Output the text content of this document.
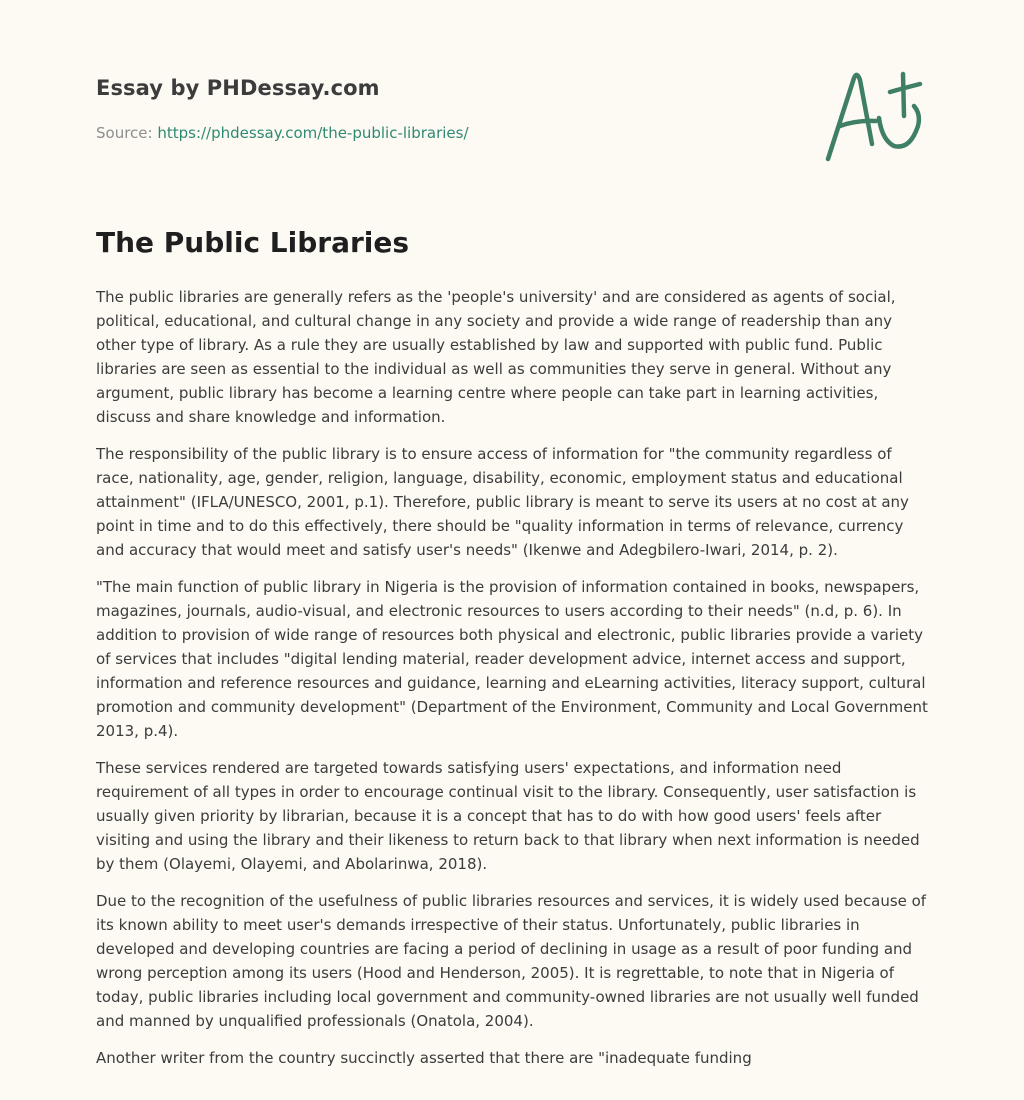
Essay by PHDessay.com
Source: https://phdessay.com/the-public-libraries/
The Public Libraries

The public libraries are generally refers as the 'people's university' and are considered as agents of social, political, educational, and cultural change in any society and provide a wide range of readership than any other type of library. As a rule they are usually established by law and supported with public fund. Public libraries are seen as essential to the individual as well as communities they serve in general. Without any argument, public library has become a learning centre where people can take part in learning activities, discuss and share knowledge and information.

The responsibility of the public library is to ensure access of information for "the community regardless of race, nationality, age, gender, religion, language, disability, economic, employment status and educational attainment" (IFLA/UNESCO, 2001, p.1). Therefore, public library is meant to serve its users at no cost at any point in time and to do this effectively, there should be "quality information in terms of relevance, currency and accuracy that would meet and satisfy user's needs" (Ikenwe and Adegbilero-Iwari, 2014, p. 2).

"The main function of public library in Nigeria is the provision of information contained in books, newspapers, magazines, journals, audio-visual, and electronic resources to users according to their needs" (n.d, p. 6). In addition to provision of wide range of resources both physical and electronic, public libraries provide a variety of services that includes "digital lending material, reader development advice, internet access and support, information and reference resources and guidance, learning and eLearning activities, literacy support, cultural promotion and community development" (Department of the Environment, Community and Local Government 2013, p.4).

These services rendered are targeted towards satisfying users' expectations, and information need requirement of all types in order to encourage continual visit to the library. Consequently, user satisfaction is usually given priority by librarian, because it is a concept that has to do with how good users' feels after visiting and using the library and their likeness to return back to that library when next information is needed by them (Olayemi, Olayemi, and Abolarinwa, 2018).

Due to the recognition of the usefulness of public libraries resources and services, it is widely used because of its known ability to meet user's demands irrespective of their status. Unfortunately, public libraries in developed and developing countries are facing a period of declining in usage as a result of poor funding and wrong perception among its users (Hood and Henderson, 2005). It is regrettable, to note that in Nigeria of today, public libraries including local government and community-owned libraries are not usually well funded and manned by unqualified professionals (Onatola, 2004).

Another writer from the country succinctly asserted that there are "inadequate funding
